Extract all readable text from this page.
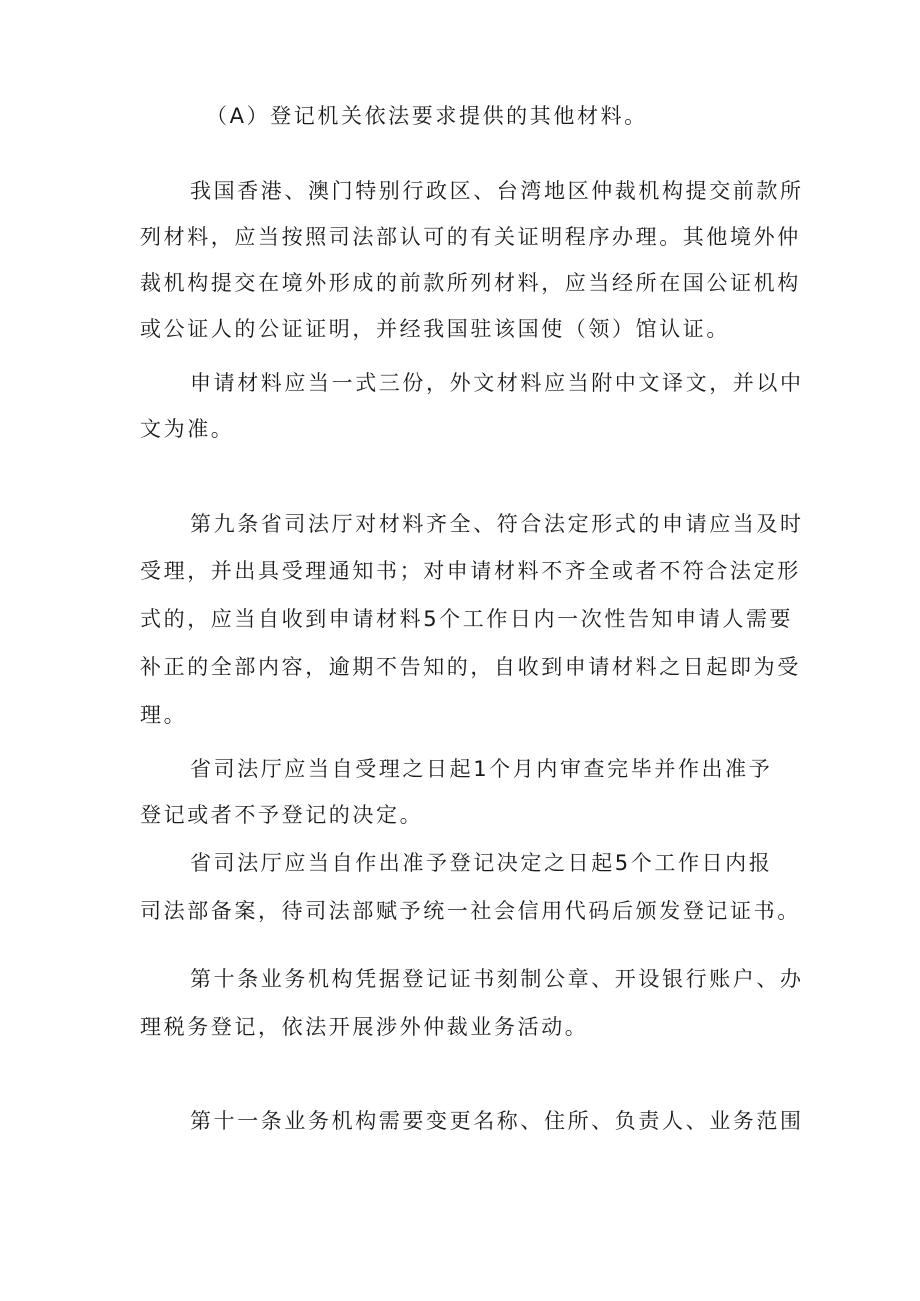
（A）登记机关依法要求提供的其他材料。
我国香港、澳门特别行政区、台湾地区仲裁机构提交前款所
列材料，应当按照司法部认可的有关证明程序办理。其他境外仲
裁机构提交在境外形成的前款所列材料，应当经所在国公证机构
或公证人的公证证明，并经我国驻该国使（领）馆认证。
申请材料应当一式三份，外文材料应当附中文译文，并以中
文为准。
第九条省司法厅对材料齐全、符合法定形式的申请应当及时
受理，并出具受理通知书；对申请材料不齐全或者不符合法定形
式的，应当自收到申请材料5个工作日内一次性告知申请人需要
补正的全部内容，逾期不告知的，自收到申请材料之日起即为受
理。
省司法厅应当自受理之日起1个月内审查完毕并作出准予
登记或者不予登记的决定。
省司法厅应当自作出准予登记决定之日起5个工作日内报
司法部备案，待司法部赋予统一社会信用代码后颁发登记证书。
第十条业务机构凭据登记证书刻制公章、开设银行账户、办
理税务登记，依法开展涉外仲裁业务活动。
第十一条业务机构需要变更名称、住所、负责人、业务范围
